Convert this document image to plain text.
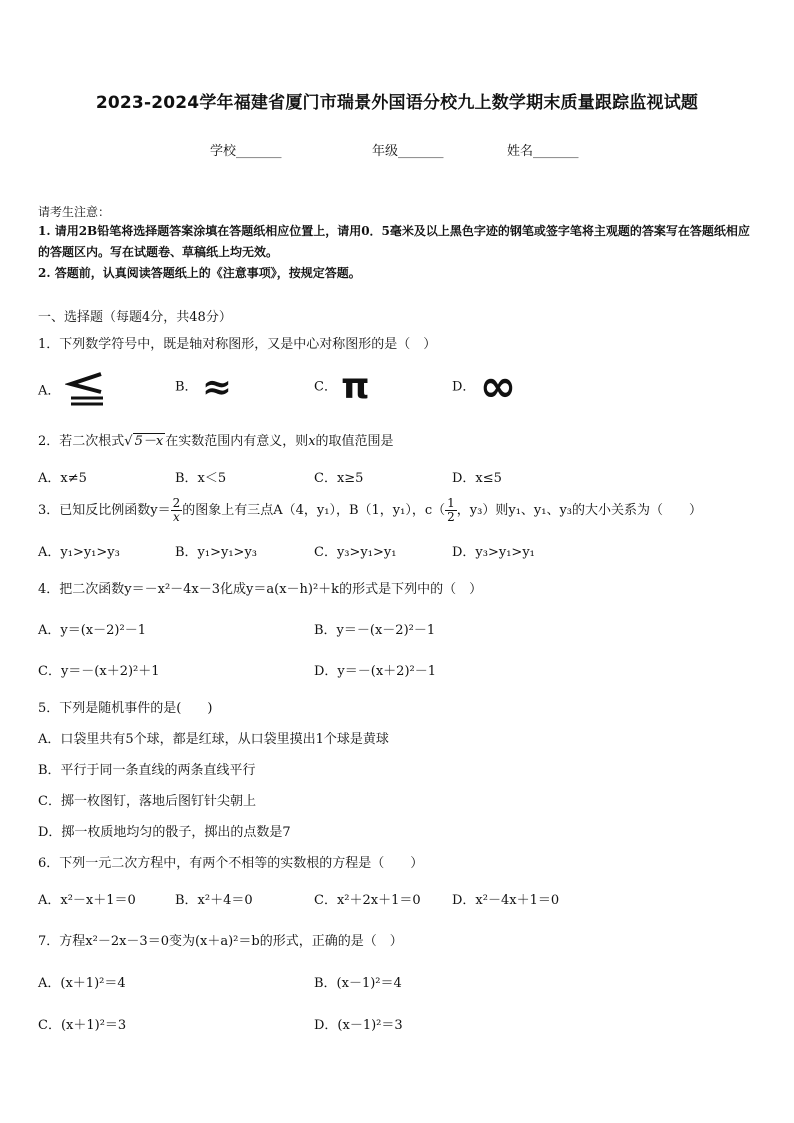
2023-2024学年福建省厦门市瑞景外国语分校九上数学期末质量跟踪监视试题
学校_______	年级_______	姓名_______
请考生注意：
1. 请用2B铅笔将选择题答案涂填在答题纸相应位置上，请用0．5毫米及以上黑色字迹的钢笔或签字笔将主观题的答案写在答题纸相应的答题区内。写在试题卷、草稿纸上均无效。
2. 答题前，认真阅读答题纸上的《注意事项》，按规定答题。
一、选择题（每题4分，共48分）
1．下列数学符号中，既是轴对称图形，又是中心对称图形的是（　）
A．	B． ≈	C． π	D． ∞
2．若二次根式√ 5－x 在实数范围内有意义，则x的取值范围是
A．x≠5	B．x＜5	C．x≥5	D．x≤5
3．已知反比例函数$y= \frac{2}{x}$ 的图象上有三点A（4，y₁），B（1，y₁），$c( \frac{1}{2}$ ，y₃）则y₁、y₁、y₃的大小关系为（　　）
A．y₁>y₁>y₃	B．y₁>y₁>y₃	C．y₃>y₁>y₁	D．y₃>y₁>y₁
4．把二次函数y＝－x²－4x－3化成y＝a(x－h)²＋k的形式是下列中的（　）
A．y＝(x－2)²－1	B．y＝－(x－2)²－1
C．y＝－(x＋2)²＋1	D．y＝－(x＋2)²－1
5．下列是随机事件的是(　　)
A．口袋里共有5个球，都是红球，从口袋里摸出1个球是黄球
B．平行于同一条直线的两条直线平行
C．掷一枚图钉，落地后图钉针尖朝上
D．掷一枚质地均匀的骰子，掷出的点数是7
6．下列一元二次方程中，有两个不相等的实数根的方程是（　　）
A．x²－x＋1＝0	B．x²＋4＝0	C．x²＋2x＋1＝0 D．x²－4x＋1＝0
7．方程x²－2x－3＝0变为(x＋a)²＝b的形式，正确的是（　）
A．(x＋1)²＝4	B．(x－1)²＝4
C．(x＋1)²＝3	D．(x－1)²＝3
